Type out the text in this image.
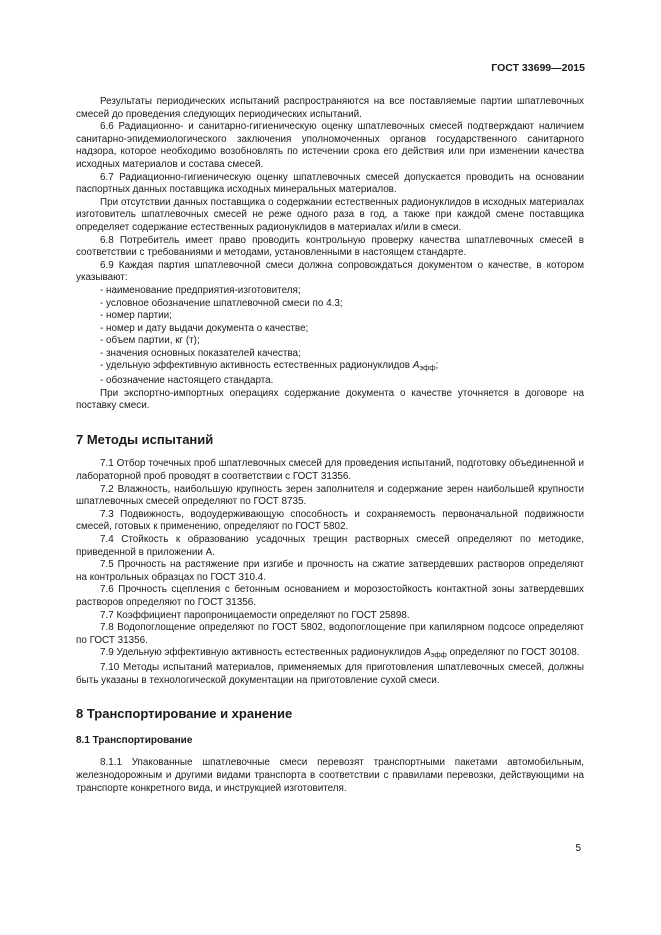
ГОСТ 33699—2015

Результаты периодических испытаний распространяются на все поставляемые партии шпатлевочных смесей до проведения следующих периодических испытаний.

6.6 Радиационно- и санитарно-гигиеническую оценку шпатлевочных смесей подтверждают наличием санитарно-эпидемиологического заключения уполномоченных органов государственного санитарного надзора, которое необходимо возобновлять по истечении срока его действия или при изменении качества исходных материалов и состава смесей.

6.7 Радиационно-гигиеническую оценку шпатлевочных смесей допускается проводить на основании паспортных данных поставщика исходных минеральных материалов.

При отсутствии данных поставщика о содержании естественных радионуклидов в исходных материалах изготовитель шпатлевочных смесей не реже одного раза в год, а также при каждой смене поставщика определяет содержание естественных радионуклидов в материалах и/или в смеси.

6.8 Потребитель имеет право проводить контрольную проверку качества шпатлевочных смесей в соответствии с требованиями и методами, установленными в настоящем стандарте.

6.9 Каждая партия шпатлевочной смеси должна сопровождаться документом о качестве, в котором указывают:

- наименование предприятия-изготовителя;

- условное обозначение шпатлевочной смеси по 4.3;

- номер партии;

- номер и дату выдачи документа о качестве;

- объем партии, кг (т);

- значения основных показателей качества;

- удельную эффективную активность естественных радионуклидов $A_{эфф}$;

- обозначение настоящего стандарта.

При экспортно-импортных операциях содержание документа о качестве уточняется в договоре на поставку смеси.

7 Методы испытаний

7.1 Отбор точечных проб шпатлевочных смесей для проведения испытаний, подготовку объединенной и лабораторной проб проводят в соответствии с ГОСТ 31356.

7.2 Влажность, наибольшую крупность зерен заполнителя и содержание зерен наибольшей крупности шпатлевочных смесей определяют по ГОСТ 8735.

7.3 Подвижность, водоудерживающую способность и сохраняемость первоначальной подвижности смесей, готовых к применению, определяют по ГОСТ 5802.

7.4 Стойкость к образованию усадочных трещин растворных смесей определяют по методике, приведенной в приложении А.

7.5 Прочность на растяжение при изгибе и прочность на сжатие затвердевших растворов определяют на контрольных образцах по ГОСТ 310.4.

7.6 Прочность сцепления с бетонным основанием и морозостойкость контактной зоны затвердевших растворов определяют по ГОСТ 31356.

7.7 Коэффициент паропроницаемости определяют по ГОСТ 25898.

7.8 Водопоглощение определяют по ГОСТ 5802, водопоглощение при капилярном подсосе определяют по ГОСТ 31356.

7.9 Удельную эффективную активность естественных радионуклидов $A_{эфф}$ определяют по ГОСТ 30108.

7.10 Методы испытаний материалов, применяемых для приготовления шпатлевочных смесей, должны быть указаны в технологической документации на приготовление сухой смеси.

8 Транспортирование и хранение
8.1 Транспортирование

8.1.1 Упакованные шпатлевочные смеси перевозят транспортными пакетами автомобильным, железнодорожным и другими видами транспорта в соответствии с правилами перевозки, действующими на транспорте конкретного вида, и инструкцией изготовителя.

5
